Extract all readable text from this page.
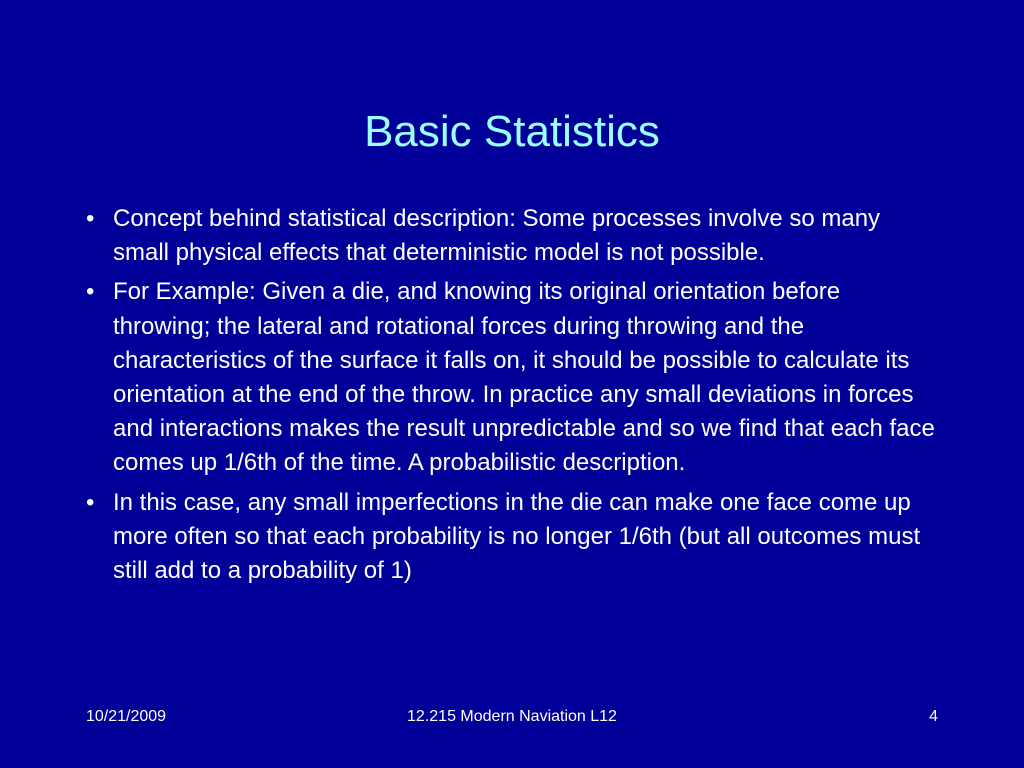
Basic Statistics
• Concept behind statistical description: Some processes involve so many small physical effects that deterministic model is not possible.
• For Example: Given a die, and knowing its original orientation before throwing; the lateral and rotational forces during throwing and the characteristics of the surface it falls on, it should be possible to calculate its orientation at the end of the throw. In practice any small deviations in forces and interactions makes the result unpredictable and so we find that each face comes up 1/6th of the time. A probabilistic description.
• In this case, any small imperfections in the die can make one face come up more often so that each probability is no longer 1/6th (but all outcomes must still add to a probability of 1)
10/21/2009	12.215 Modern Naviation L12	4
